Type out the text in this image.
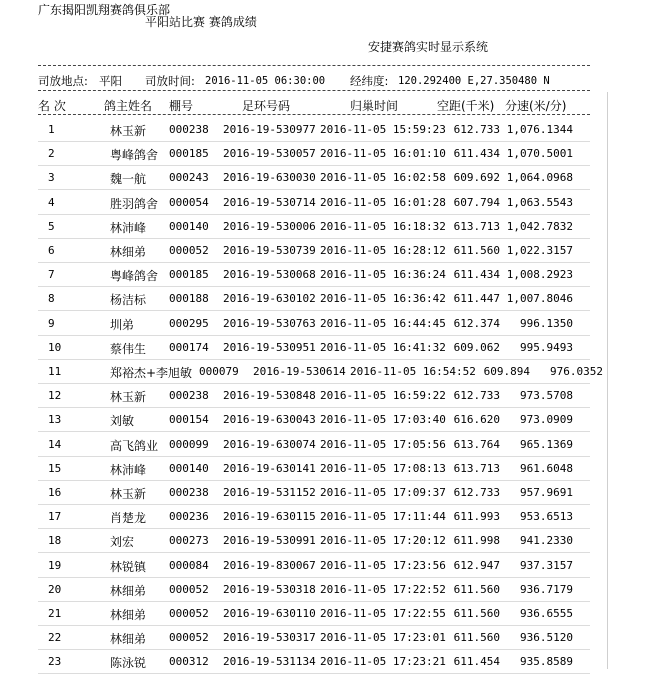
广东揭阳凯翔赛鸽俱乐部
平阳站比赛 赛鸽成绩
安捷赛鸽实时显示系统
司放地点: 平阳 司放时间: 2016-11-05 06:30:00 经纬度: 120.292400 E,27.350480 N
名 次	鸽主姓名 棚号	足环号码	归巢时间	空距(千米) 分速(米/分)
1	林玉新 000238 2016-19-530977 2016-11-05 15:59:23 612.733 1,076.1344
2	粤峰鸽舍 000185 2016-19-530057 2016-11-05 16:01:10 611.434 1,070.5001
3	魏一航 000243 2016-19-630030 2016-11-05 16:02:58 609.692 1,064.0968
4	胜羽鸽舍 000054 2016-19-530714 2016-11-05 16:01:28 607.794 1,063.5543
5	林沛峰 000140 2016-19-530006 2016-11-05 16:18:32 613.713 1,042.7832
6	林细弟 000052 2016-19-530739 2016-11-05 16:28:12 611.560 1,022.3157
7	粤峰鸽舍 000185 2016-19-530068 2016-11-05 16:36:24 611.434 1,008.2923
8	杨洁标 000188 2016-19-630102 2016-11-05 16:36:42 611.447 1,007.8046
9	圳弟	000295 2016-19-530763 2016-11-05 16:44:45 612.374	996.1350
10	蔡伟生 000174 2016-19-530951 2016-11-05 16:41:32 609.062	995.9493
11	郑裕杰+李旭敏 000079 2016-19-530614 2016-11-05 16:54:52 609.894	976.0352
12	林玉新 000238 2016-19-530848 2016-11-05 16:59:22 612.733	973.5708
13	刘敏	000154 2016-19-630043 2016-11-05 17:03:40 616.620	973.0909
14	高飞鸽业 000099 2016-19-630074 2016-11-05 17:05:56 613.764	965.1369
15	林沛峰 000140 2016-19-630141 2016-11-05 17:08:13 613.713	961.6048
16	林玉新 000238 2016-19-531152 2016-11-05 17:09:37 612.733	957.9691
17	肖楚龙 000236 2016-19-630115 2016-11-05 17:11:44 611.993	953.6513
18	刘宏	000273 2016-19-530991 2016-11-05 17:20:12 611.998	941.2330
19	林锐镇 000084 2016-19-830067 2016-11-05 17:23:56 612.947	937.3157
20	林细弟 000052 2016-19-530318 2016-11-05 17:22:52 611.560	936.7179
21	林细弟 000052 2016-19-630110 2016-11-05 17:22:55 611.560	936.6555
22	林细弟 000052 2016-19-530317 2016-11-05 17:23:01 611.560	936.5120
23	陈泳锐 000312 2016-19-531134 2016-11-05 17:23:21 611.454	935.8589
